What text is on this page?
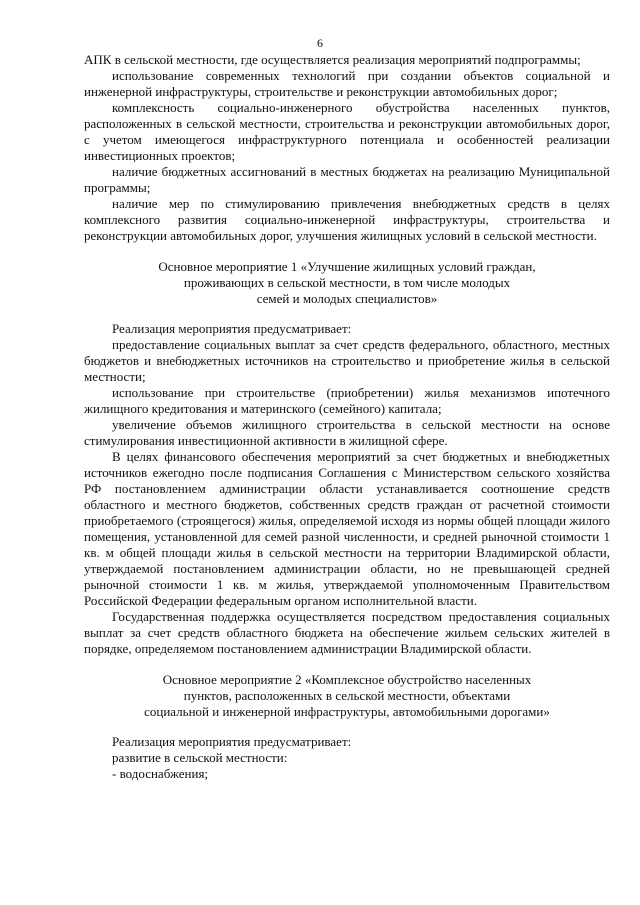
6

АПК в сельской местности, где осуществляется реализация мероприятий подпрограммы;

использование современных технологий при создании объектов социальной и инженерной инфраструктуры, строительстве и реконструкции автомобильных дорог;

комплексность социально-инженерного обустройства населенных пунктов, расположенных в сельской местности, строительства и реконструкции автомобильных дорог, с учетом имеющегося инфраструктурного потенциала и особенностей реализации инвестиционных проектов;

наличие бюджетных ассигнований в местных бюджетах на реализацию Муниципальной программы;

наличие мер по стимулированию привлечения внебюджетных средств в целях комплексного развития социально-инженерной инфраструктуры, строительства и реконструкции автомобильных дорог, улучшения жилищных условий в сельской местности.

Основное мероприятие 1 «Улучшение жилищных условий граждан,
проживающих в сельской местности, в том числе молодых
семей и молодых специалистов»

Реализация мероприятия предусматривает:

предоставление социальных выплат за счет средств федерального, областного, местных бюджетов и внебюджетных источников на строительство и приобретение жилья в сельской местности;

использование при строительстве (приобретении) жилья механизмов ипотечного жилищного кредитования и материнского (семейного) капитала;

увеличение объемов жилищного строительства в сельской местности на основе стимулирования инвестиционной активности в жилищной сфере.

В целях финансового обеспечения мероприятий за счет бюджетных и внебюджетных источников ежегодно после подписания Соглашения с Министерством сельского хозяйства РФ постановлением администрации области устанавливается соотношение средств областного и местного бюджетов, собственных средств граждан от расчетной стоимости приобретаемого (строящегося) жилья, определяемой исходя из нормы общей площади жилого помещения, установленной для семей разной численности, и средней рыночной стоимости 1 кв. м общей площади жилья в сельской местности на территории Владимирской области, утверждаемой постановлением администрации области, но не превышающей средней рыночной стоимости 1 кв. м жилья, утверждаемой уполномоченным Правительством Российской Федерации федеральным органом исполнительной власти.

Государственная поддержка осуществляется посредством предоставления социальных выплат за счет средств областного бюджета на обеспечение жильем сельских жителей в порядке, определяемом постановлением администрации Владимирской области.

Основное мероприятие 2 «Комплексное обустройство населенных
пунктов, расположенных в сельской местности, объектами
социальной и инженерной инфраструктуры, автомобильными дорогами»

Реализация мероприятия предусматривает:

развитие в сельской местности:

- водоснабжения;
